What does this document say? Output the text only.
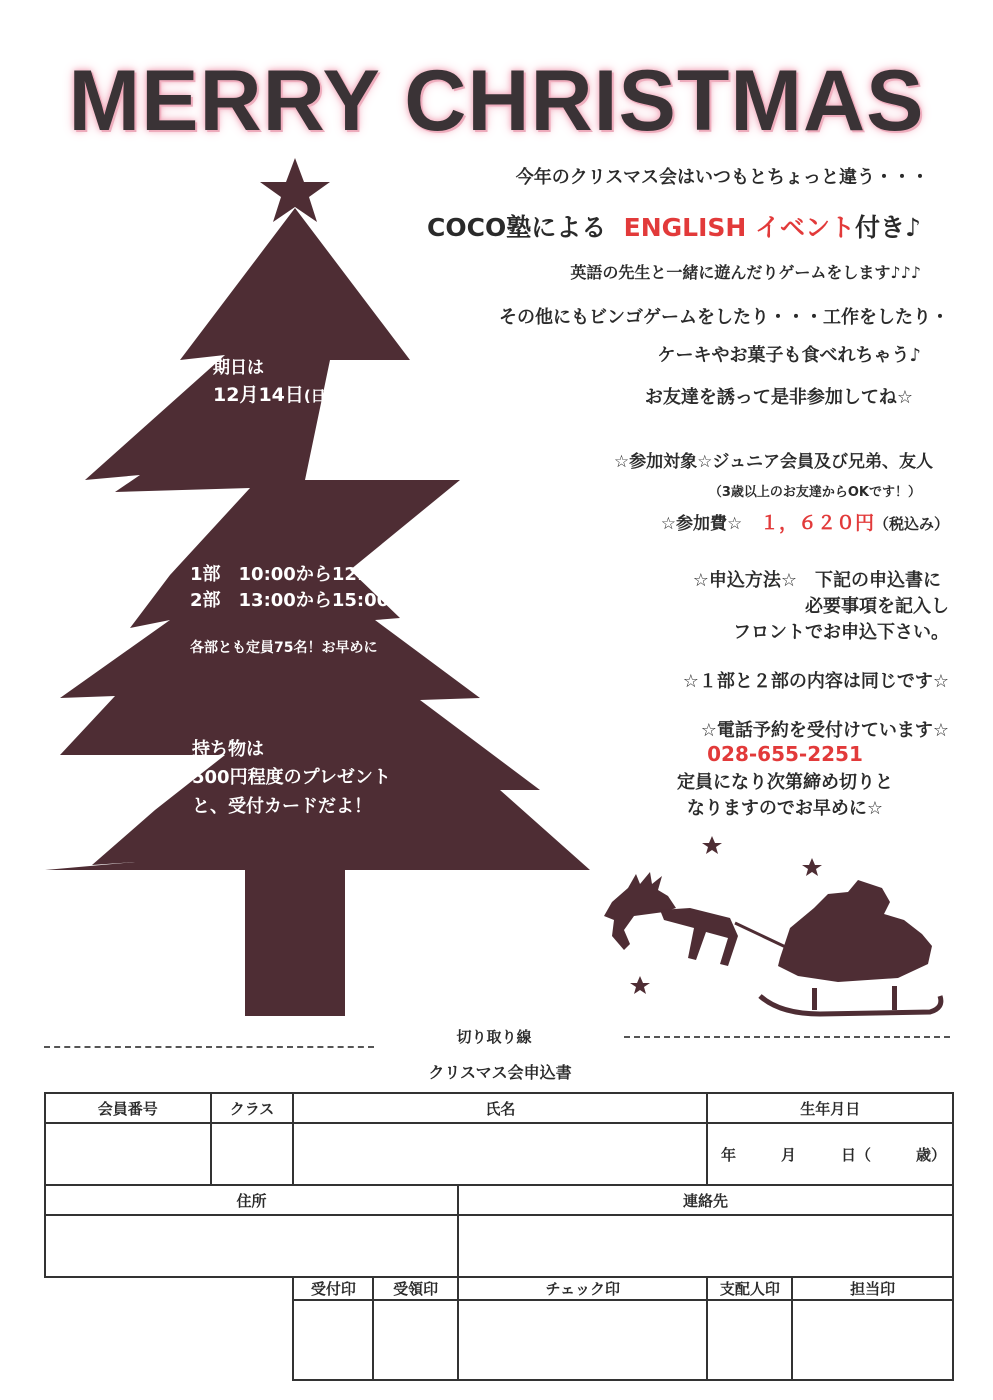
MERRY CHRISTMAS
期日は
12月14日(日)
1部　10:00から12:00
2部　13:00から15:00
各部とも定員75名！お早めに
持ち物は
500円程度のプレゼント
と、受付カードだよ！
今年のクリスマス会はいつもとちょっと違う・・・
COCO塾による ENGLISH イベント付き♪
英語の先生と一緒に遊んだりゲームをします♪♪♪
その他にもビンゴゲームをしたり・・・工作をしたり・
ケーキやお菓子も食べれちゃう♪
お友達を誘って是非参加してね☆
☆参加対象☆ジュニア会員及び兄弟、友人
（3歳以上のお友達からOKです！）
☆参加費☆ １，６２０円（税込み）
☆申込方法☆　下記の申込書に
必要事項を記入し
フロントでお申込下さい。
☆１部と２部の内容は同じです☆
☆電話予約を受付けています☆
028-655-2251
定員になり次第締め切りと
なりますのでお早めに☆
切り取り線
クリスマス会申込書
会員番号	クラス	氏名			生年月日	
					年　　　月　　　日（　　　歳）	
住所				連絡先		

		受付印	受領印	チェック印	支配人印	担当印
